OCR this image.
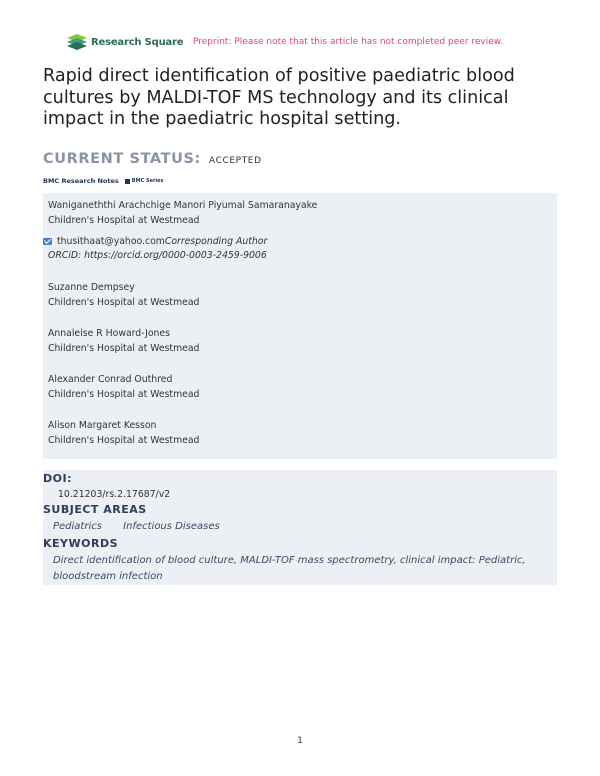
Research Square Preprint: Please note that this article has not completed peer review.
Rapid direct identification of positive paediatric blood cultures by MALDI-TOF MS technology and its clinical impact in the paediatric hospital setting.
CURRENT STATUS: ACCEPTED
BMC Research Notes	BMC Series
Waniganeththi Arachchige Manori Piyumal Samaranayake
Children's Hospital at Westmead
thusithaat@yahoo.com Corresponding Author
ORCiD: https://orcid.org/0000-0003-2459-9006
Suzanne Dempsey
Children's Hospital at Westmead
Annaleise R Howard-Jones
Children's Hospital at Westmead
Alexander Conrad Outhred
Children's Hospital at Westmead
Alison Margaret Kesson
Children's Hospital at Westmead
DOI:
10.21203/rs.2.17687/v2
SUBJECT AREAS
Pediatrics Infectious Diseases
KEYWORDS
Direct identification of blood culture, MALDI-TOF mass spectrometry, clinical impact: Pediatric, bloodstream infection
1
